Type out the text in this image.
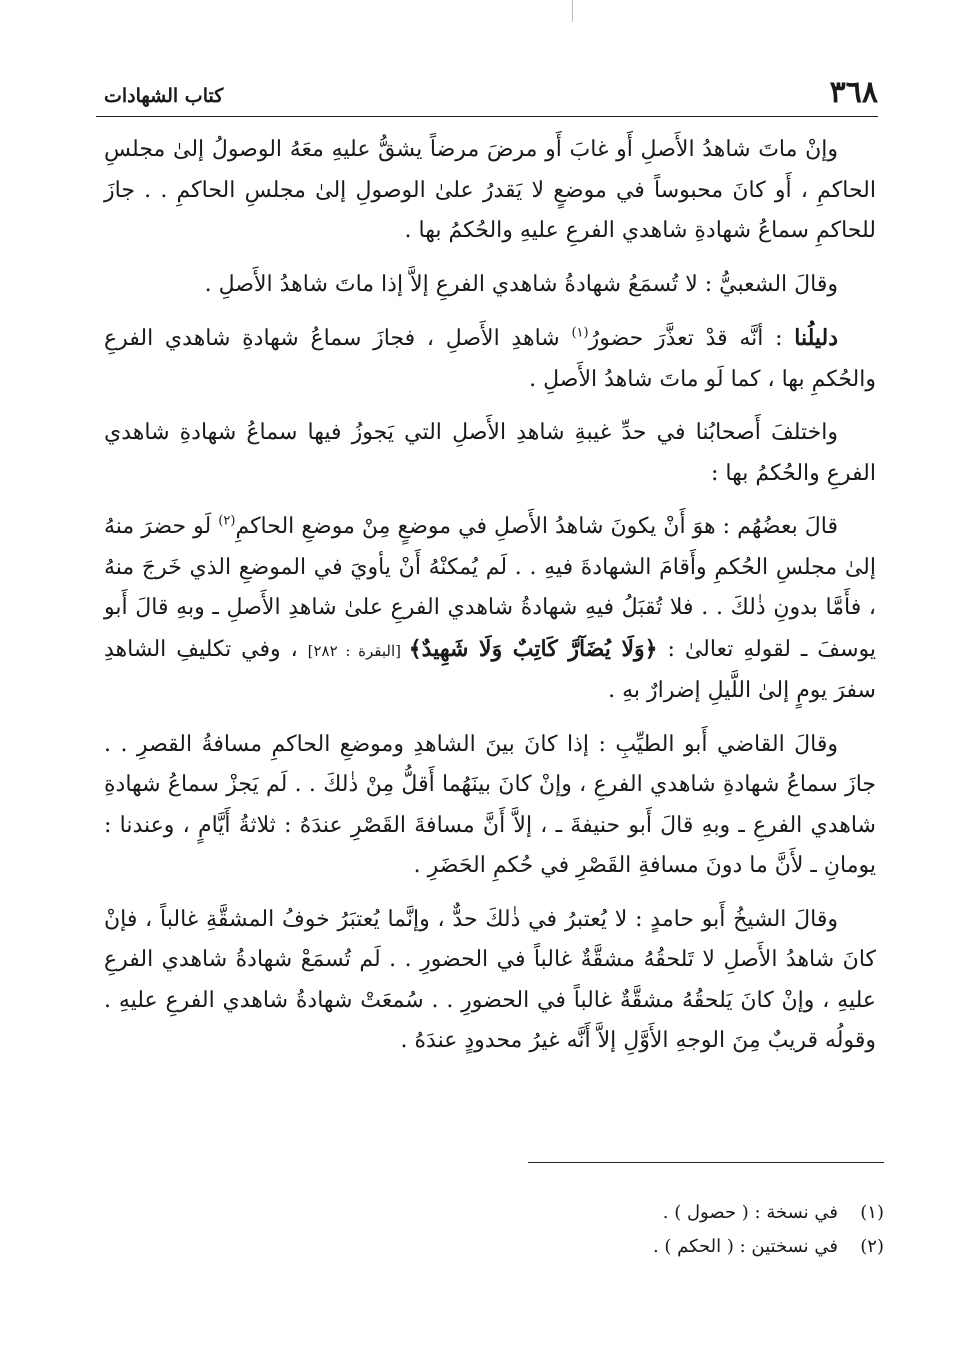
٣٦٨
كتاب الشهادات

وإنْ ماتَ شاهدُ الأَصلِ أَو غابَ أَو مرضَ مرضاً يشقُّ عليهِ معَهُ الوصولُ إلىٰ مجلسِ الحاكمِ ، أَو كانَ محبوساً في موضعٍ لا يَقدرُ علىٰ الوصولِ إلىٰ مجلسِ الحاكمِ . . جازَ للحاكمِ سماعُ شهادةِ شاهدي الفرعِ عليهِ والحُكمُ بها .

وقالَ الشعبيُّ : لا تُسمَعُ شهادةُ شاهدي الفرعِ إلاَّ إذا ماتَ شاهدُ الأَصلِ .

دليلُنا : أنَّه قدْ تعذَّرَ حضورُ$^{(١)}$ شاهدِ الأَصلِ ، فجازَ سماعُ شهادةِ شاهدي الفرعِ والحُكمِ بها ، كما لَو ماتَ شاهدُ الأَصلِ .

واختلفَ أَصحابُنا في حدِّ غيبةِ شاهدِ الأَصلِ التي يَجوزُ فيها سماعُ شهادةِ شاهدي الفرعِ والحُكمُ بها :

قالَ بعضُهُم : هوَ أَنْ يكونَ شاهدُ الأَصلِ في موضعٍ مِنْ موضعِ الحاكمِ$^{(٢)}$ لَو حضرَ منهُ إلىٰ مجلسِ الحُكمِ وأَقامَ الشهادةَ فيهِ . . لَم يُمكنْهُ أَنْ يأويَ في الموضعِ الذي خَرجَ منهُ ، فأَمَّا بدونِ ذٰلكَ . . فلا تُقبَلُ فيهِ شهادةُ شاهدي الفرعِ علىٰ شاهدِ الأَصلِ ـ وبهِ قالَ أَبو يوسفَ ـ لقولهِ تعالىٰ : ﴿وَلَا يُضَآرَّ كَاتِبٌ وَلَا شَهِيدٌ﴾ [البقرة : ٢٨٢] ، وفي تكليفِ الشاهدِ سفرَ يومٍ إلىٰ اللَّيلِ إضرارٌ بهِ .

وقالَ القاضي أَبو الطيِّبِ : إذا كانَ بينَ الشاهدِ وموضعِ الحاكمِ مسافةُ القصرِ . . جازَ سماعُ شهادةِ شاهدي الفرعِ ، وإنْ كانَ بينَهُما أَقلُّ مِنْ ذٰلكَ . . لَم يَجزْ سماعُ شهادةِ شاهدي الفرعِ ـ وبهِ قالَ أَبو حنيفةَ ـ ، إلاَّ أَنَّ مسافةَ القَصْرِ عندَهُ : ثلاثةُ أَيَّامٍ ، وعندنا : يومانِ ـ لأَنَّ ما دونَ مسافةِ القَصْرِ في حُكمِ الحَضَرِ .

وقالَ الشيخُ أَبو حامدٍ : لا يُعتبرُ في ذٰلكَ حدٌّ ، وإنَّما يُعتبَرُ خوفُ المشقَّةِ غالباً ، فإنْ كانَ شاهدُ الأَصلِ لا تَلحقُهُ مشقَّةٌ غالباً في الحضورِ . . لَم تُسمَعْ شهادةُ شاهدي الفرعِ عليهِ ، وإنْ كانَ يَلحقُهُ مشقَّةٌ غالباً في الحضورِ . . سُمعَتْ شهادةُ شاهدي الفرعِ عليهِ . وقولُه قريبٌ مِنَ الوجهِ الأَوَّلِ إلاَّ أَنَّه غيرُ محدودٍ عندَهُ .

(١)في نسخة : ( حصول ) .
(٢)في نسختين : ( الحكم ) .
